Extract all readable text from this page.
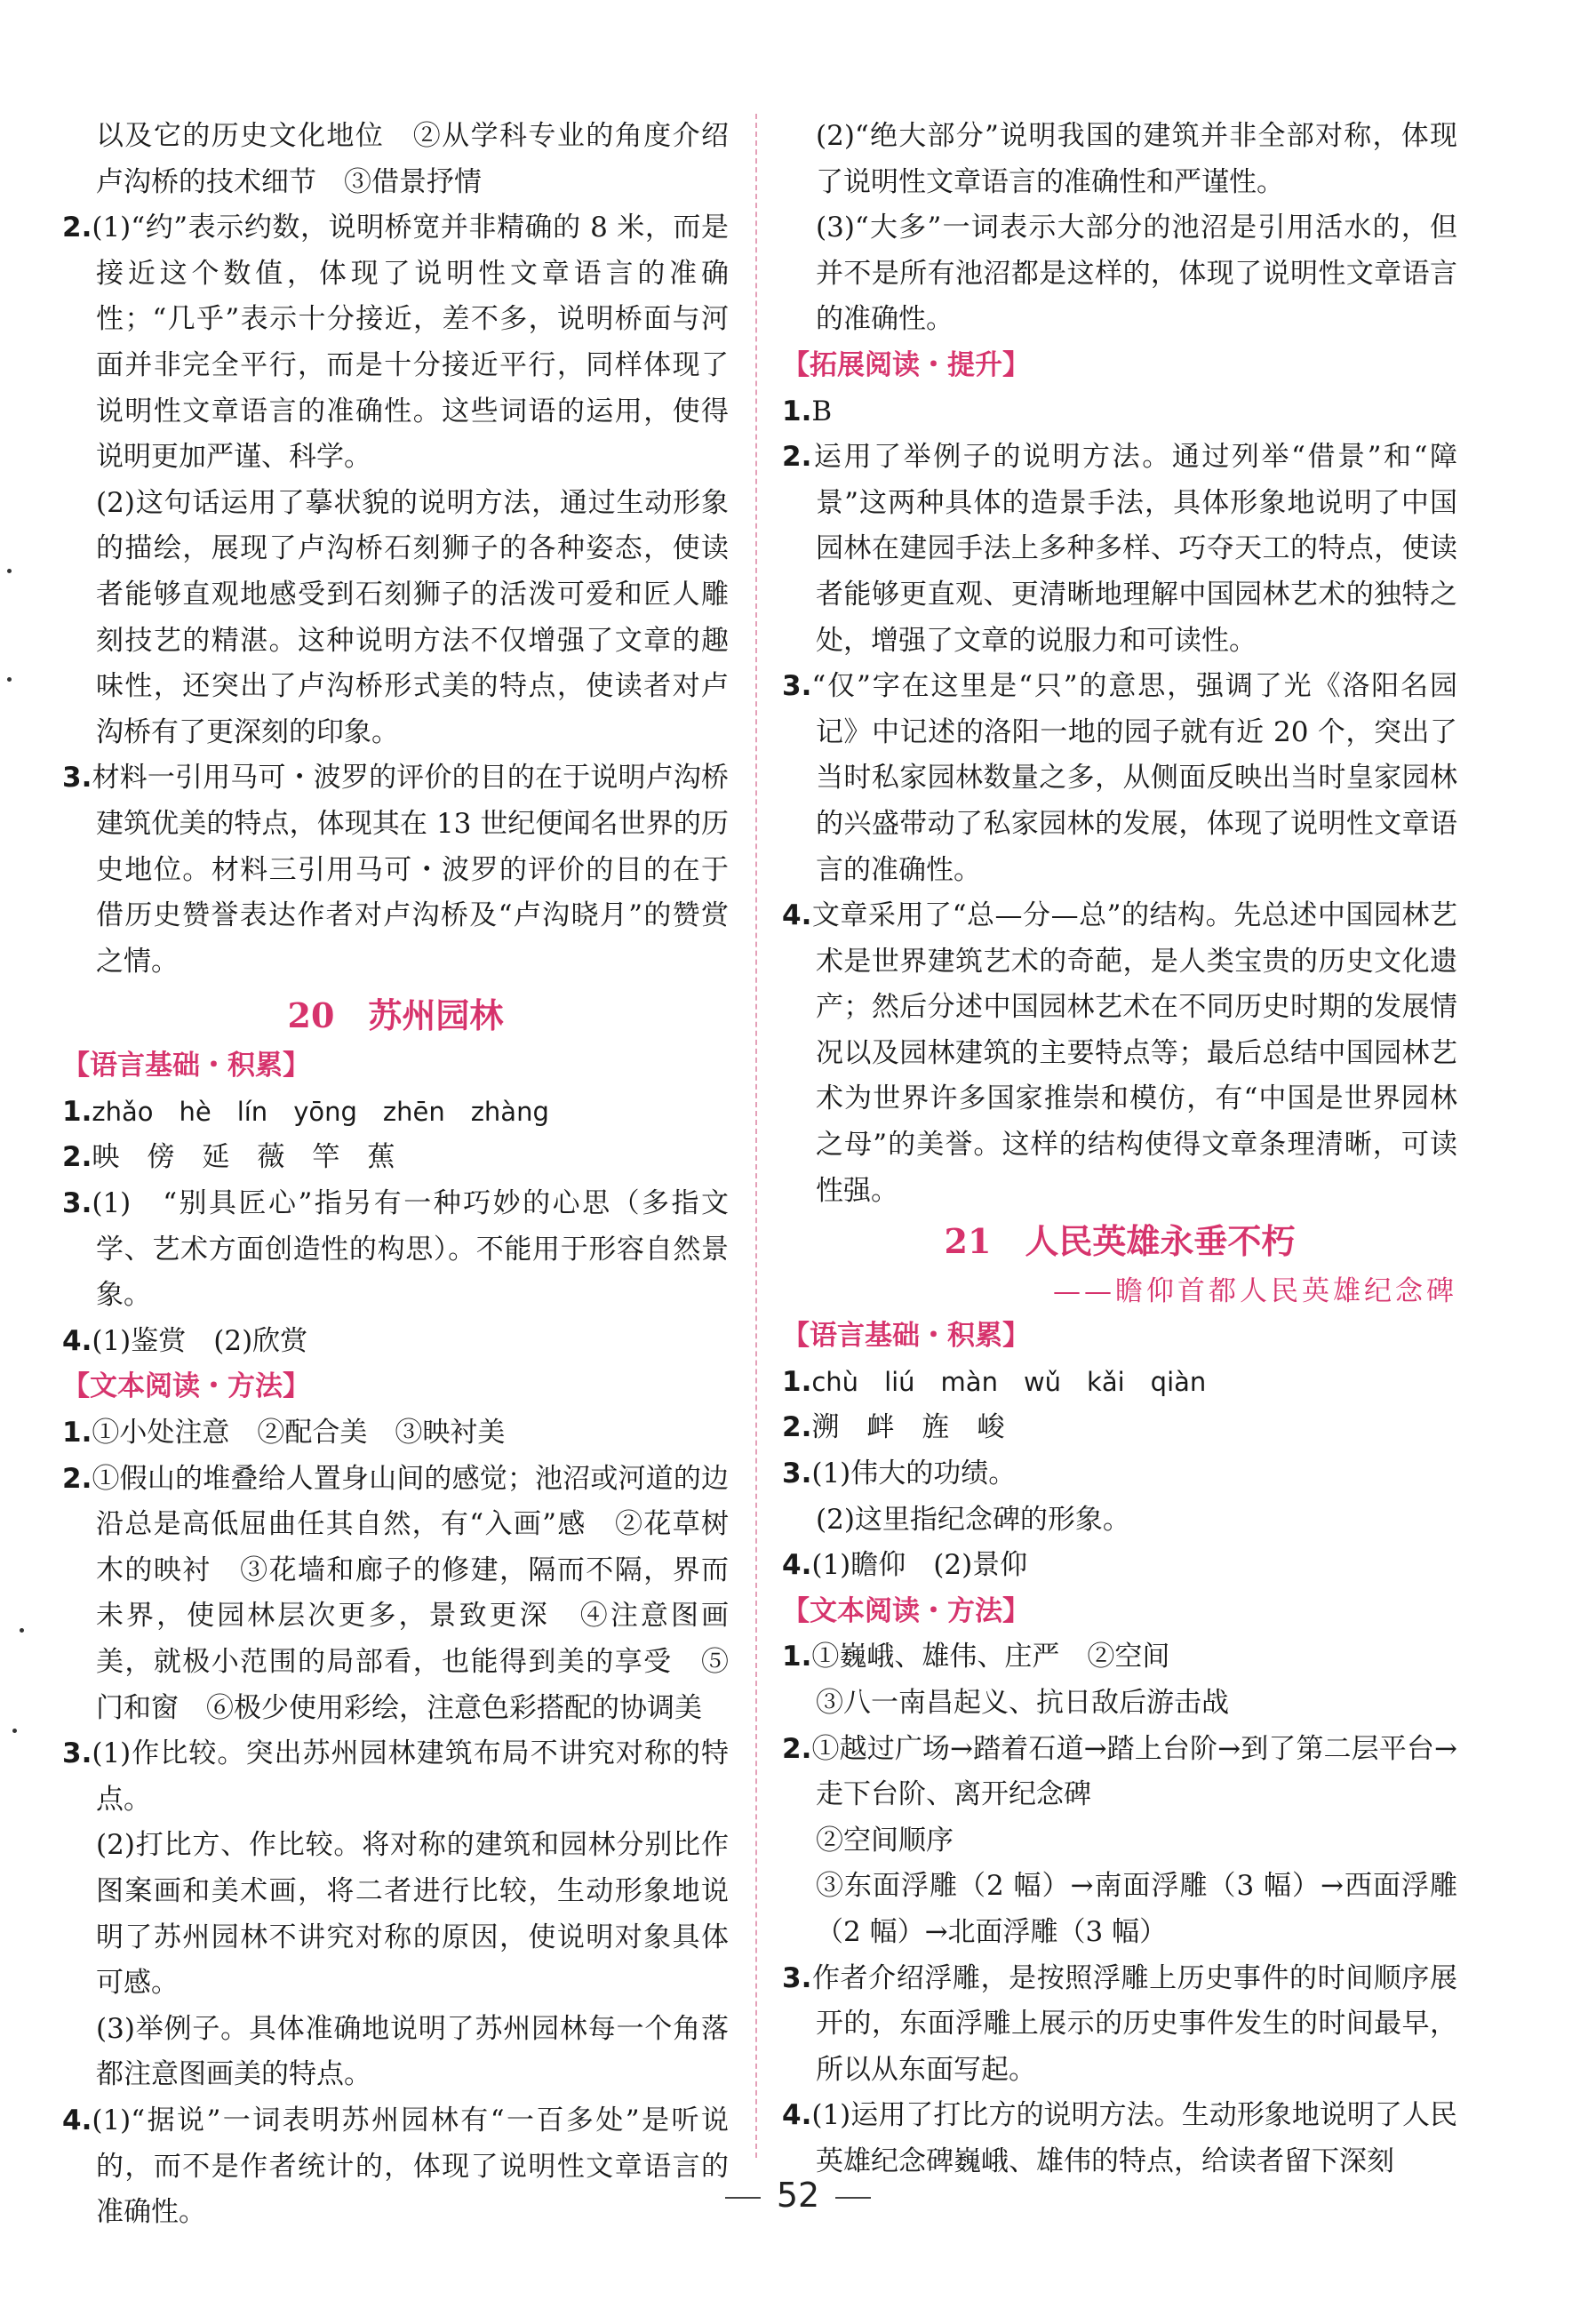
以及它的历史文化地位　②从学科专业的角度介绍卢沟桥的技术细节　③借景抒情

2.(1)“约”表示约数，说明桥宽并非精确的 8 米，而是接近这个数值，体现了说明性文章语言的准确性；“几乎”表示十分接近，差不多，说明桥面与河面并非完全平行，而是十分接近平行，同样体现了说明性文章语言的准确性。这些词语的运用，使得说明更加严谨、科学。

(2)这句话运用了摹状貌的说明方法，通过生动形象的描绘，展现了卢沟桥石刻狮子的各种姿态，使读者能够直观地感受到石刻狮子的活泼可爱和匠人雕刻技艺的精湛。这种说明方法不仅增强了文章的趣味性，还突出了卢沟桥形式美的特点，使读者对卢沟桥有了更深刻的印象。

3.材料一引用马可・波罗的评价的目的在于说明卢沟桥建筑优美的特点，体现其在 13 世纪便闻名世界的历史地位。材料三引用马可・波罗的评价的目的在于借历史赞誉表达作者对卢沟桥及“卢沟晓月”的赞赏之情。

20　苏州园林

【语言基础・积累】

1.zhǎo　hè　lín　yōng　zhēn　zhàng

2.映　傍　延　薇　竿　蕉

3.(1)　“别具匠心”指另有一种巧妙的心思（多指文学、艺术方面创造性的构思）。不能用于形容自然景象。

4.(1)鉴赏　(2)欣赏

【文本阅读・方法】

1.①小处注意　②配合美　③映衬美

2.①假山的堆叠给人置身山间的感觉；池沼或河道的边沿总是高低屈曲任其自然，有“入画”感　②花草树木的映衬　③花墙和廊子的修建，隔而不隔，界而未界，使园林层次更多，景致更深　④注意图画美，就极小范围的局部看，也能得到美的享受　⑤门和窗　⑥极少使用彩绘，注意色彩搭配的协调美

3.(1)作比较。突出苏州园林建筑布局不讲究对称的特点。

(2)打比方、作比较。将对称的建筑和园林分别比作图案画和美术画，将二者进行比较，生动形象地说明了苏州园林不讲究对称的原因，使说明对象具体可感。

(3)举例子。具体准确地说明了苏州园林每一个角落都注意图画美的特点。

4.(1)“据说”一词表明苏州园林有“一百多处”是听说的，而不是作者统计的，体现了说明性文章语言的准确性。

(2)“绝大部分”说明我国的建筑并非全部对称，体现了说明性文章语言的准确性和严谨性。

(3)“大多”一词表示大部分的池沼是引用活水的，但并不是所有池沼都是这样的，体现了说明性文章语言的准确性。

【拓展阅读・提升】

1.B

2.运用了举例子的说明方法。通过列举“借景”和“障景”这两种具体的造景手法，具体形象地说明了中国园林在建园手法上多种多样、巧夺天工的特点，使读者能够更直观、更清晰地理解中国园林艺术的独特之处，增强了文章的说服力和可读性。

3.“仅”字在这里是“只”的意思，强调了光《洛阳名园记》中记述的洛阳一地的园子就有近 20 个，突出了当时私家园林数量之多，从侧面反映出当时皇家园林的兴盛带动了私家园林的发展，体现了说明性文章语言的准确性。

4.文章采用了“总—分—总”的结构。先总述中国园林艺术是世界建筑艺术的奇葩，是人类宝贵的历史文化遗产；然后分述中国园林艺术在不同历史时期的发展情况以及园林建筑的主要特点等；最后总结中国园林艺术为世界许多国家推崇和模仿，有“中国是世界园林之母”的美誉。这样的结构使得文章条理清晰，可读性强。

21　人民英雄永垂不朽

——瞻仰首都人民英雄纪念碑

【语言基础・积累】

1.chù　liú　màn　wǔ　kǎi　qiàn

2.溯　衅　旌　峻

3.(1)伟大的功绩。

(2)这里指纪念碑的形象。

4.(1)瞻仰　(2)景仰

【文本阅读・方法】

1.①巍峨、雄伟、庄严　②空间

③八一南昌起义、抗日敌后游击战

2.①越过广场→踏着石道→踏上台阶→到了第二层平台→走下台阶、离开纪念碑

②空间顺序

③东面浮雕（2 幅）→南面浮雕（3 幅）→西面浮雕（2 幅）→北面浮雕（3 幅）

3.作者介绍浮雕，是按照浮雕上历史事件的时间顺序展开的，东面浮雕上展示的历史事件发生的时间最早，所以从东面写起。

4.(1)运用了打比方的说明方法。生动形象地说明了人民英雄纪念碑巍峨、雄伟的特点，给读者留下深刻

52
